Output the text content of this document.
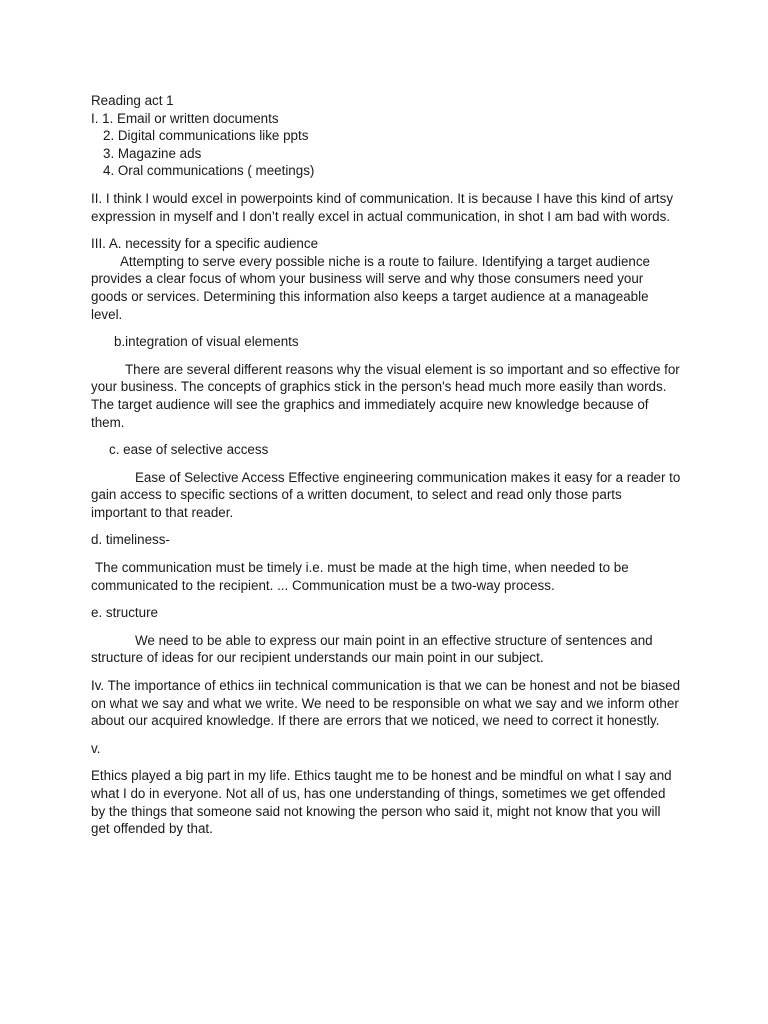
Reading act 1

I. 1. Email or written documents

2. Digital communications like ppts

3. Magazine ads

4. Oral communications ( meetings)

II. I think I would excel in powerpoints kind of communication. It is because I have this kind of artsy expression in myself and I don’t really excel in actual communication, in shot I am bad with words.

III. A. necessity for a specific audience

Attempting to serve every possible niche is a route to failure. Identifying a target audience provides a clear focus of whom your business will serve and why those consumers need your goods or services. Determining this information also keeps a target audience at a manageable level.

b.integration of visual elements

There are several different reasons why the visual element is so important and so effective for your business. The concepts of graphics stick in the person's head much more easily than words. The target audience will see the graphics and immediately acquire new knowledge because of them.

c. ease of selective access

Ease of Selective Access Effective engineering communication makes it easy for a reader to gain access to specific sections of a written document, to select and read only those parts important to that reader.

d. timeliness-

The communication must be timely i.e. must be made at the high time, when needed to be communicated to the recipient. ... Communication must be a two-way process.

e. structure

We need to be able to express our main point in an effective structure of sentences and structure of ideas for our recipient understands our main point in our subject.

Iv. The importance of ethics iin technical communication is that we can be honest and not be biased on what we say and what we write. We need to be responsible on what we say and we inform other about our acquired knowledge. If there are errors that we noticed, we need to correct it honestly.

v.

Ethics played a big part in my life. Ethics taught me to be honest and be mindful on what I say and what I do in everyone. Not all of us, has one understanding of things, sometimes we get offended by the things that someone said not knowing the person who said it, might not know that you will get offended by that.
